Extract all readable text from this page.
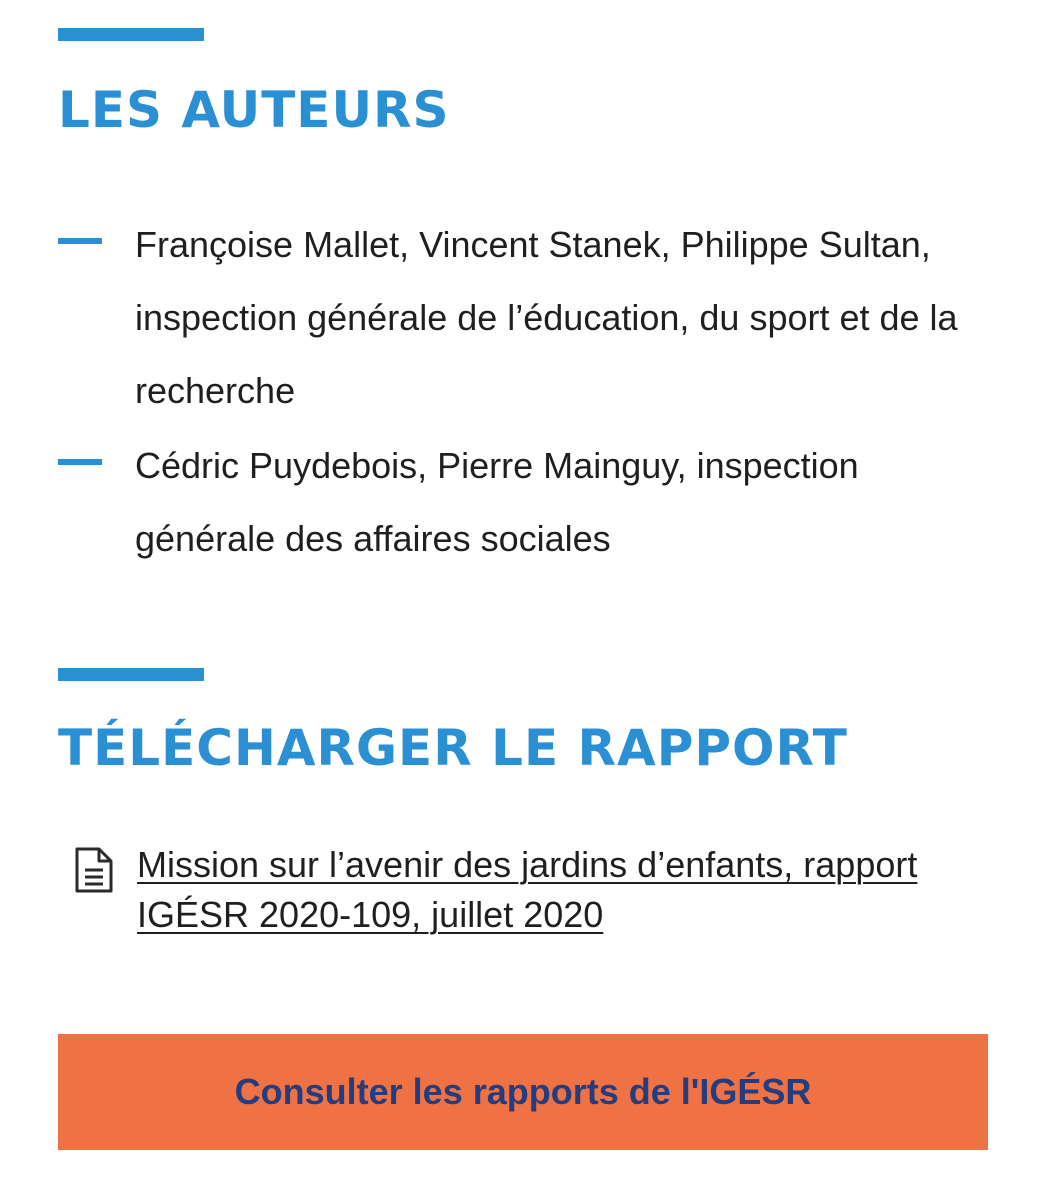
LES AUTEURS
Françoise Mallet, Vincent Stanek, Philippe Sultan, inspection générale de l’éducation, du sport et de la recherche
Cédric Puydebois, Pierre Mainguy, inspection générale des affaires sociales
TÉLÉCHARGER LE RAPPORT
Mission sur l’avenir des jardins d’enfants, rapport IGÉSR 2020-109, juillet 2020
Consulter les rapports de l'IGÉSR
